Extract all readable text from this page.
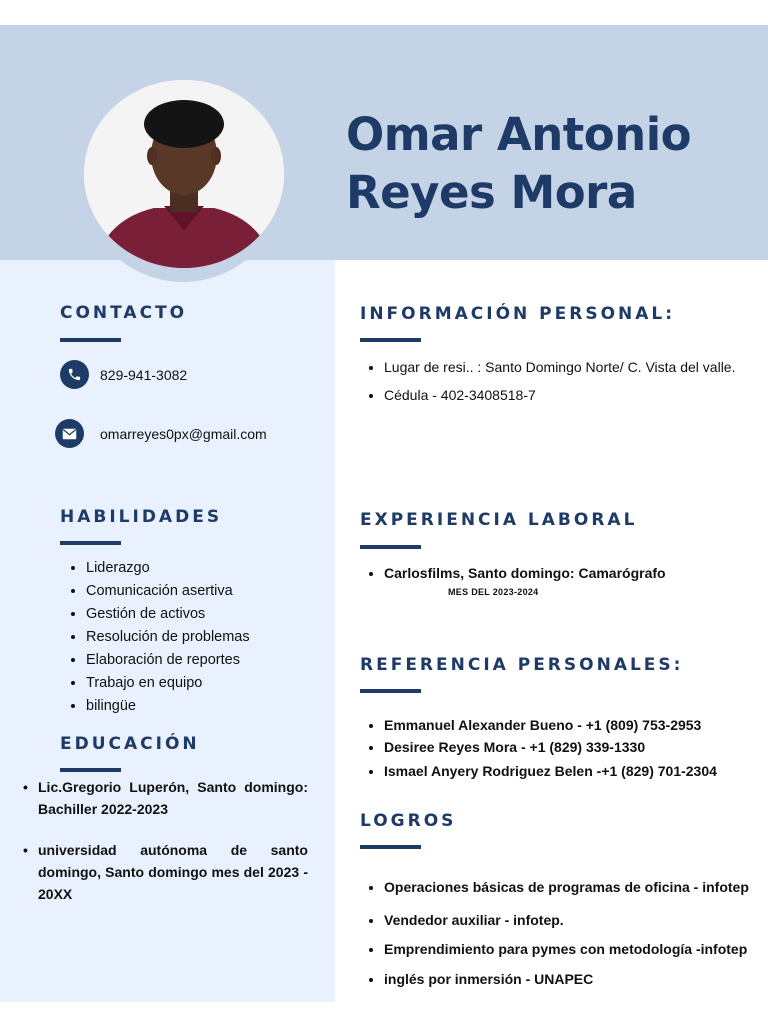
Omar Antonio
Reyes Mora
CONTACTO
829-941-3082
omarreyes0px@gmail.com
HABILIDADES
• Liderazgo
• Comunicación asertiva
• Gestión de activos
• Resolución de problemas
• Elaboración de reportes
• Trabajo en equipo
• bilingüe
EDUCACIÓN
• Lic.Gregorio Luperón, Santo domingo: Bachiller 2022-2023
• universidad autónoma de santo domingo, Santo domingo mes del 2023 - 20XX
INFORMACIÓN PERSONAL:
• Lugar de resi.. : Santo Domingo Norte/ C. Vista del valle.
• Cédula - 402-3408518-7
EXPERIENCIA LABORAL
• Carlosfilms, Santo domingo: Camarógrafo
MES DEL 2023-2024
REFERENCIA PERSONALES:
• Emmanuel Alexander Bueno - +1 (809) 753-2953
• Desiree Reyes Mora - +1 (829) 339-1330
• Ismael Anyery Rodriguez Belen -+1 (829) 701-2304
LOGROS
• Operaciones básicas de programas de oficina - infotep
• Vendedor auxiliar - infotep.
• Emprendimiento para pymes con metodología -infotep
• inglés por inmersión - UNAPEC
